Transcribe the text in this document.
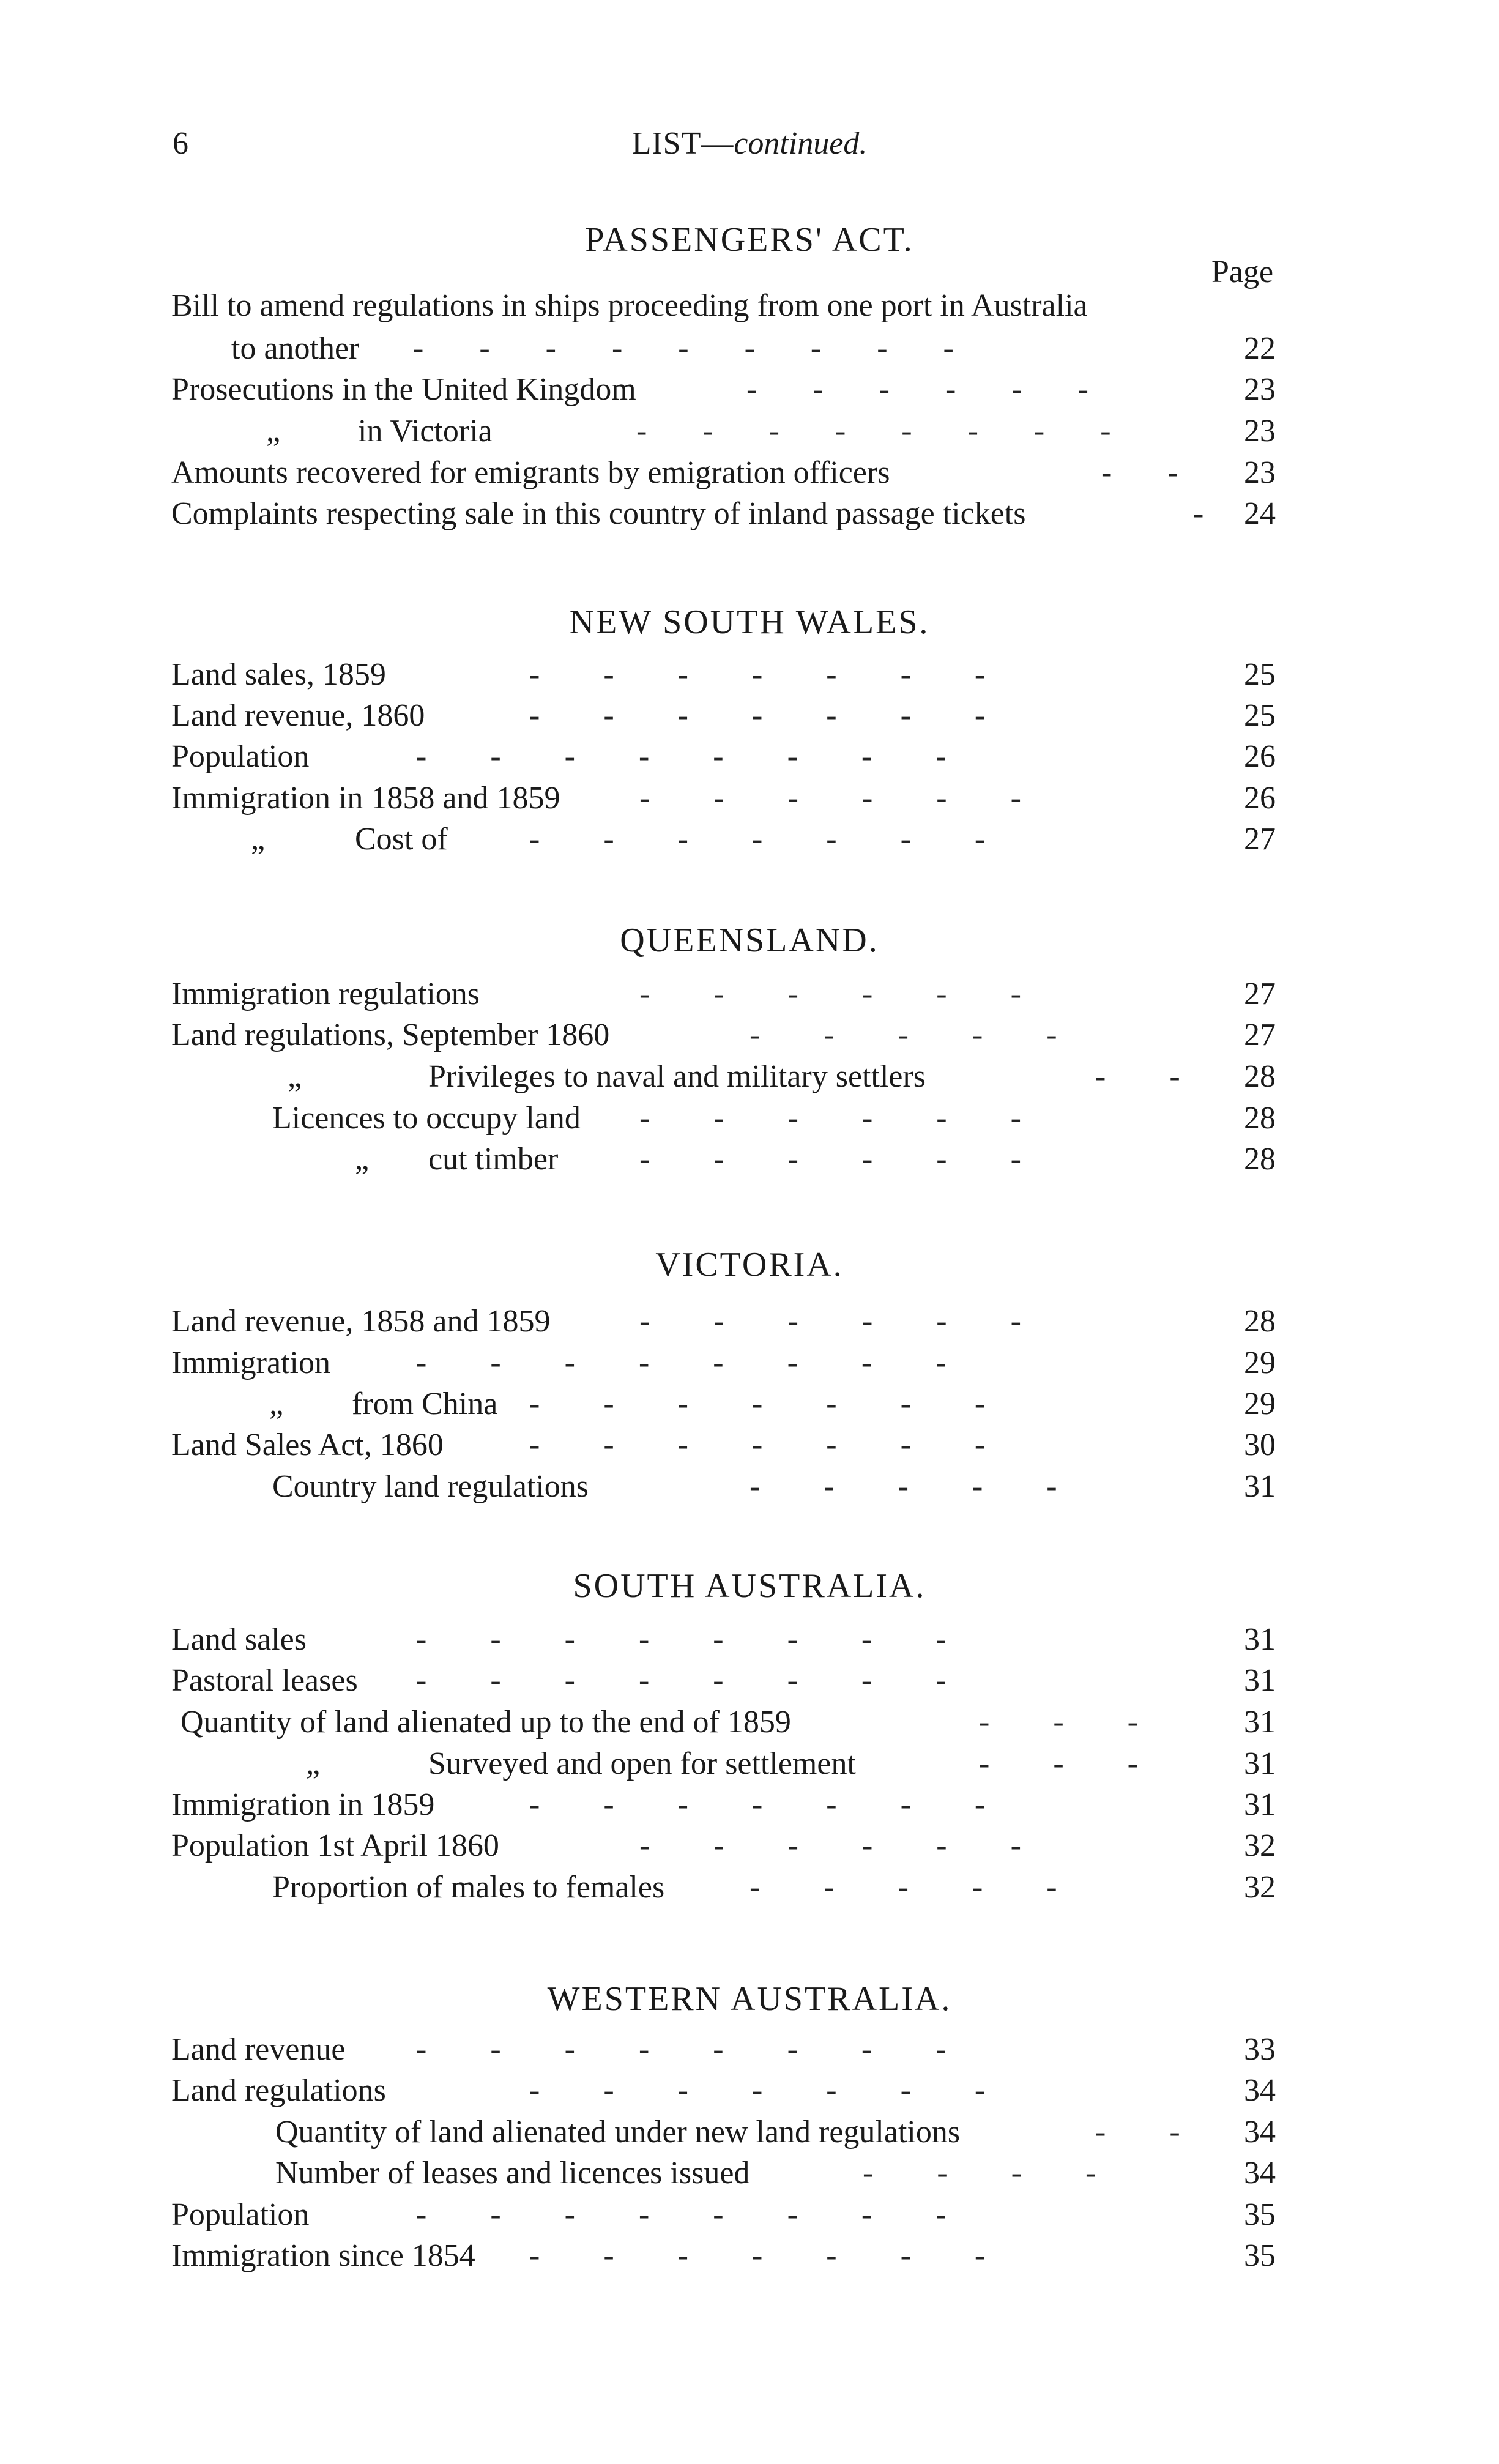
6	LIST—continued.
PASSENGERS' ACT.
Page
Bill to amend regulations in ships proceeding from one port in Australia
to another -       -       -       -       -       -       -       -       -	22
Prosecutions in the United Kingdom	-       -       -       -       -       -	23
„ in Victoria	-       -       -       -       -       -       -       -	23
Amounts recovered for emigrants by emigration officers	-       -	23
Complaints respecting sale in this country of inland passage tickets	-	24
NEW SOUTH WALES.
Land sales, 1859	-        -        -        -        -        -        -	25
Land revenue, 1860	-        -        -        -        -        -        -	25
Population	-        -        -        -        -        -        -        -	26
Immigration in 1858 and 1859 -        -        -        -        -        -	26
„	Cost of	-        -        -        -        -        -        -	27
QUEENSLAND.
Immigration regulations	-        -        -        -        -        -	27
Land regulations, September 1860	-        -        -        -        -	27
„	Privileges to naval and military settlers	-        -	28
Licences to occupy land -        -        -        -        -        -	28
„ cut timber	-        -        -        -        -        -	28
VICTORIA.
Land revenue, 1858 and 1859	-        -        -        -        -        -	28
Immigration	-        -        -        -        -        -        -        -	29
„ from China -        -        -        -        -        -        -	29
Land Sales Act, 1860	-        -        -        -        -        -        -	30
Country land regulations	-        -        -        -        -	31
SOUTH AUSTRALIA.
Land sales	-        -        -        -        -        -        -        -	31
Pastoral leases -        -        -        -        -        -        -        -	31
Quantity of land alienated up to the end of 1859	-        -        -	31
„	Surveyed and open for settlement	-        -        -	31
Immigration in 1859	-        -        -        -        -        -        -	31
Population 1st April 1860	-        -        -        -        -        -	32
Proportion of males to females	-        -        -        -        -	32
WESTERN AUSTRALIA.
Land revenue -        -        -        -        -        -        -        -	33
Land regulations	-        -        -        -        -        -        -	34
Quantity of land alienated under new land regulations	-        -	34
Number of leases and licences issued	-        -        -        -	34
Population	-        -        -        -        -        -        -        -	35
Immigration since 1854 -        -        -        -        -        -        -	35
